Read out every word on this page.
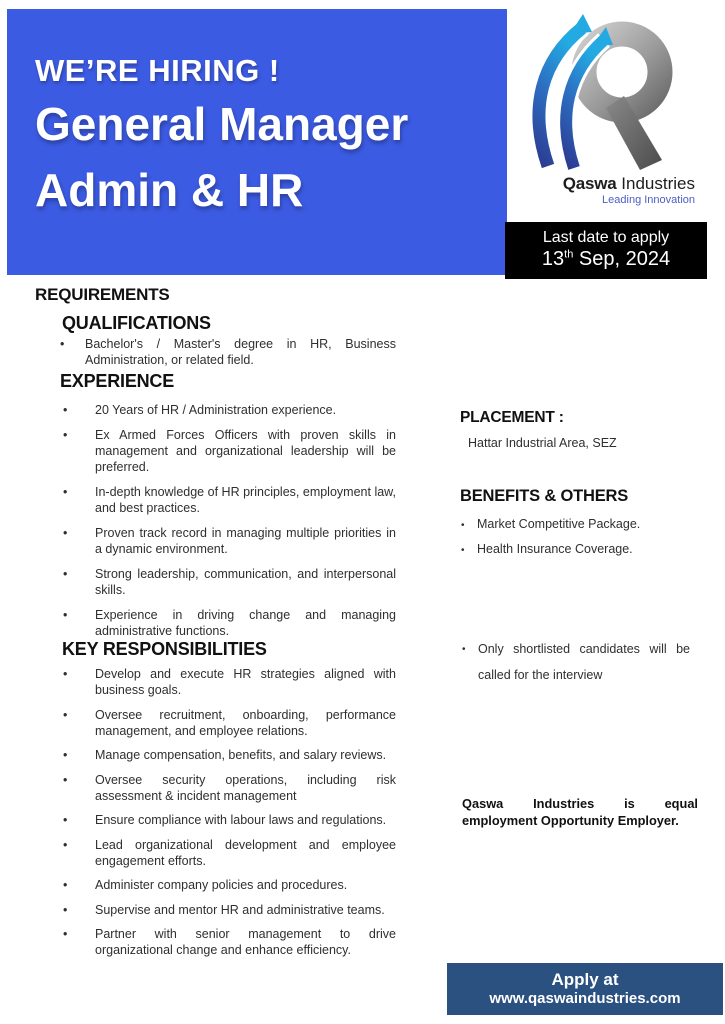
WE’RE HIRING !
General Manager
Admin & HR	Qaswa Industries
Leading Innovation
Last date to apply
13th Sep, 2024
REQUIREMENTS
QUALIFICATIONS
• Bachelor's / Master's degree in HR, Business Administration, or related field.
EXPERIENCE
• 20 Years of HR / Administration experience.
• Ex Armed Forces Officers with proven skills in management and organizational leadership will be preferred.
• In-depth knowledge of HR principles, employment law, and best practices.
• Proven track record in managing multiple priorities in a dynamic environment.
• Strong leadership, communication, and interpersonal skills.
• Experience in driving change and managing administrative functions.
KEY RESPONSIBILITIES
• Develop and execute HR strategies aligned with business goals.
• Oversee recruitment, onboarding, performance management, and employee relations.
• Manage compensation, benefits, and salary reviews.
• Oversee security operations, including risk assessment & incident management
• Ensure compliance with labour laws and regulations.
• Lead organizational development and employee engagement efforts.
• Administer company policies and procedures.
• Supervise and mentor HR and administrative teams.
• Partner with senior management to drive organizational change and enhance efficiency.
PLACEMENT :
Hattar Industrial Area, SEZ
BENEFITS & OTHERS
• Market Competitive Package.
• Health Insurance Coverage.
• Only shortlisted candidates will be called for the interview
Qaswa Industries is equal employment Opportunity Employer.
Apply at
www.qaswaindustries.com
